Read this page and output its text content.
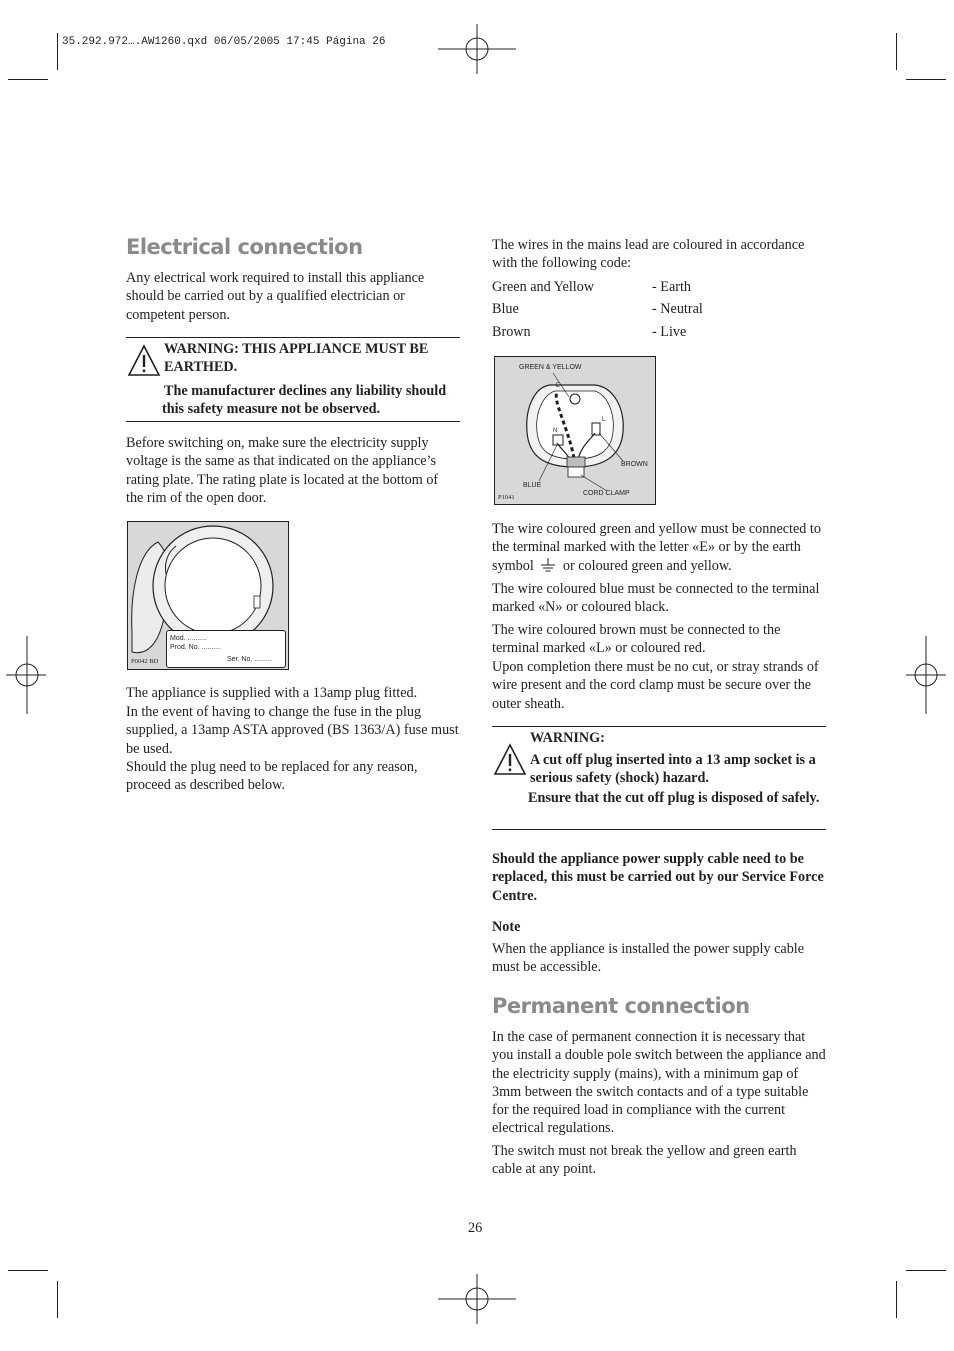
35.292.972….AW1260.qxd 06/05/2005 17:45 Página 26
Electrical connection

Any electrical work required to install this appliance should be carried out by a qualified electrician or competent person.

WARNING: THIS APPLIANCE MUST BE EARTHED.

The manufacturer declines any liability should this safety measure not be observed.

Before switching on, make sure the electricity supply voltage is the same as that indicated on the appliance’s rating plate. The rating plate is located at the bottom of the rim of the open door.

Mod. ..........
Prod. No. ..........
Ser. No. .........
P0042 BD

The appliance is supplied with a 13amp plug fitted.

In the event of having to change the fuse in the plug supplied, a 13amp ASTA approved (BS 1363/A) fuse must be used.

Should the plug need to be replaced for any reason, proceed as described below.

The wires in the mains lead are coloured in accordance with the following code:

Green and Yellow	- Earth
Blue	- Neutral
Brown	- Live
GREEN & YELLOW
BROWN
BLUE
CORD CLAMP
E
N
L
P1041

The wire coloured green and yellow must be connected to the terminal marked with the letter «E» or by the earth symbol or coloured green and yellow.

The wire coloured blue must be connected to the terminal marked «N» or coloured black.

The wire coloured brown must be connected to the terminal marked «L» or coloured red.

Upon completion there must be no cut, or stray strands of wire present and the cord clamp must be secure over the outer sheath.

WARNING:

A cut off plug inserted into a 13 amp socket is a serious safety (shock) hazard.

Ensure that the cut off plug is disposed of safely.

Should the appliance power supply cable need to be replaced, this must be carried out by our Service Force Centre.

Note

When the appliance is installed the power supply cable must be accessible.

Permanent connection

In the case of permanent connection it is necessary that you install a double pole switch between the appliance and the electricity supply (mains), with a minimum gap of 3mm between the switch contacts and of a type suitable for the required load in compliance with the current electrical regulations.

The switch must not break the yellow and green earth cable at any point.

26
